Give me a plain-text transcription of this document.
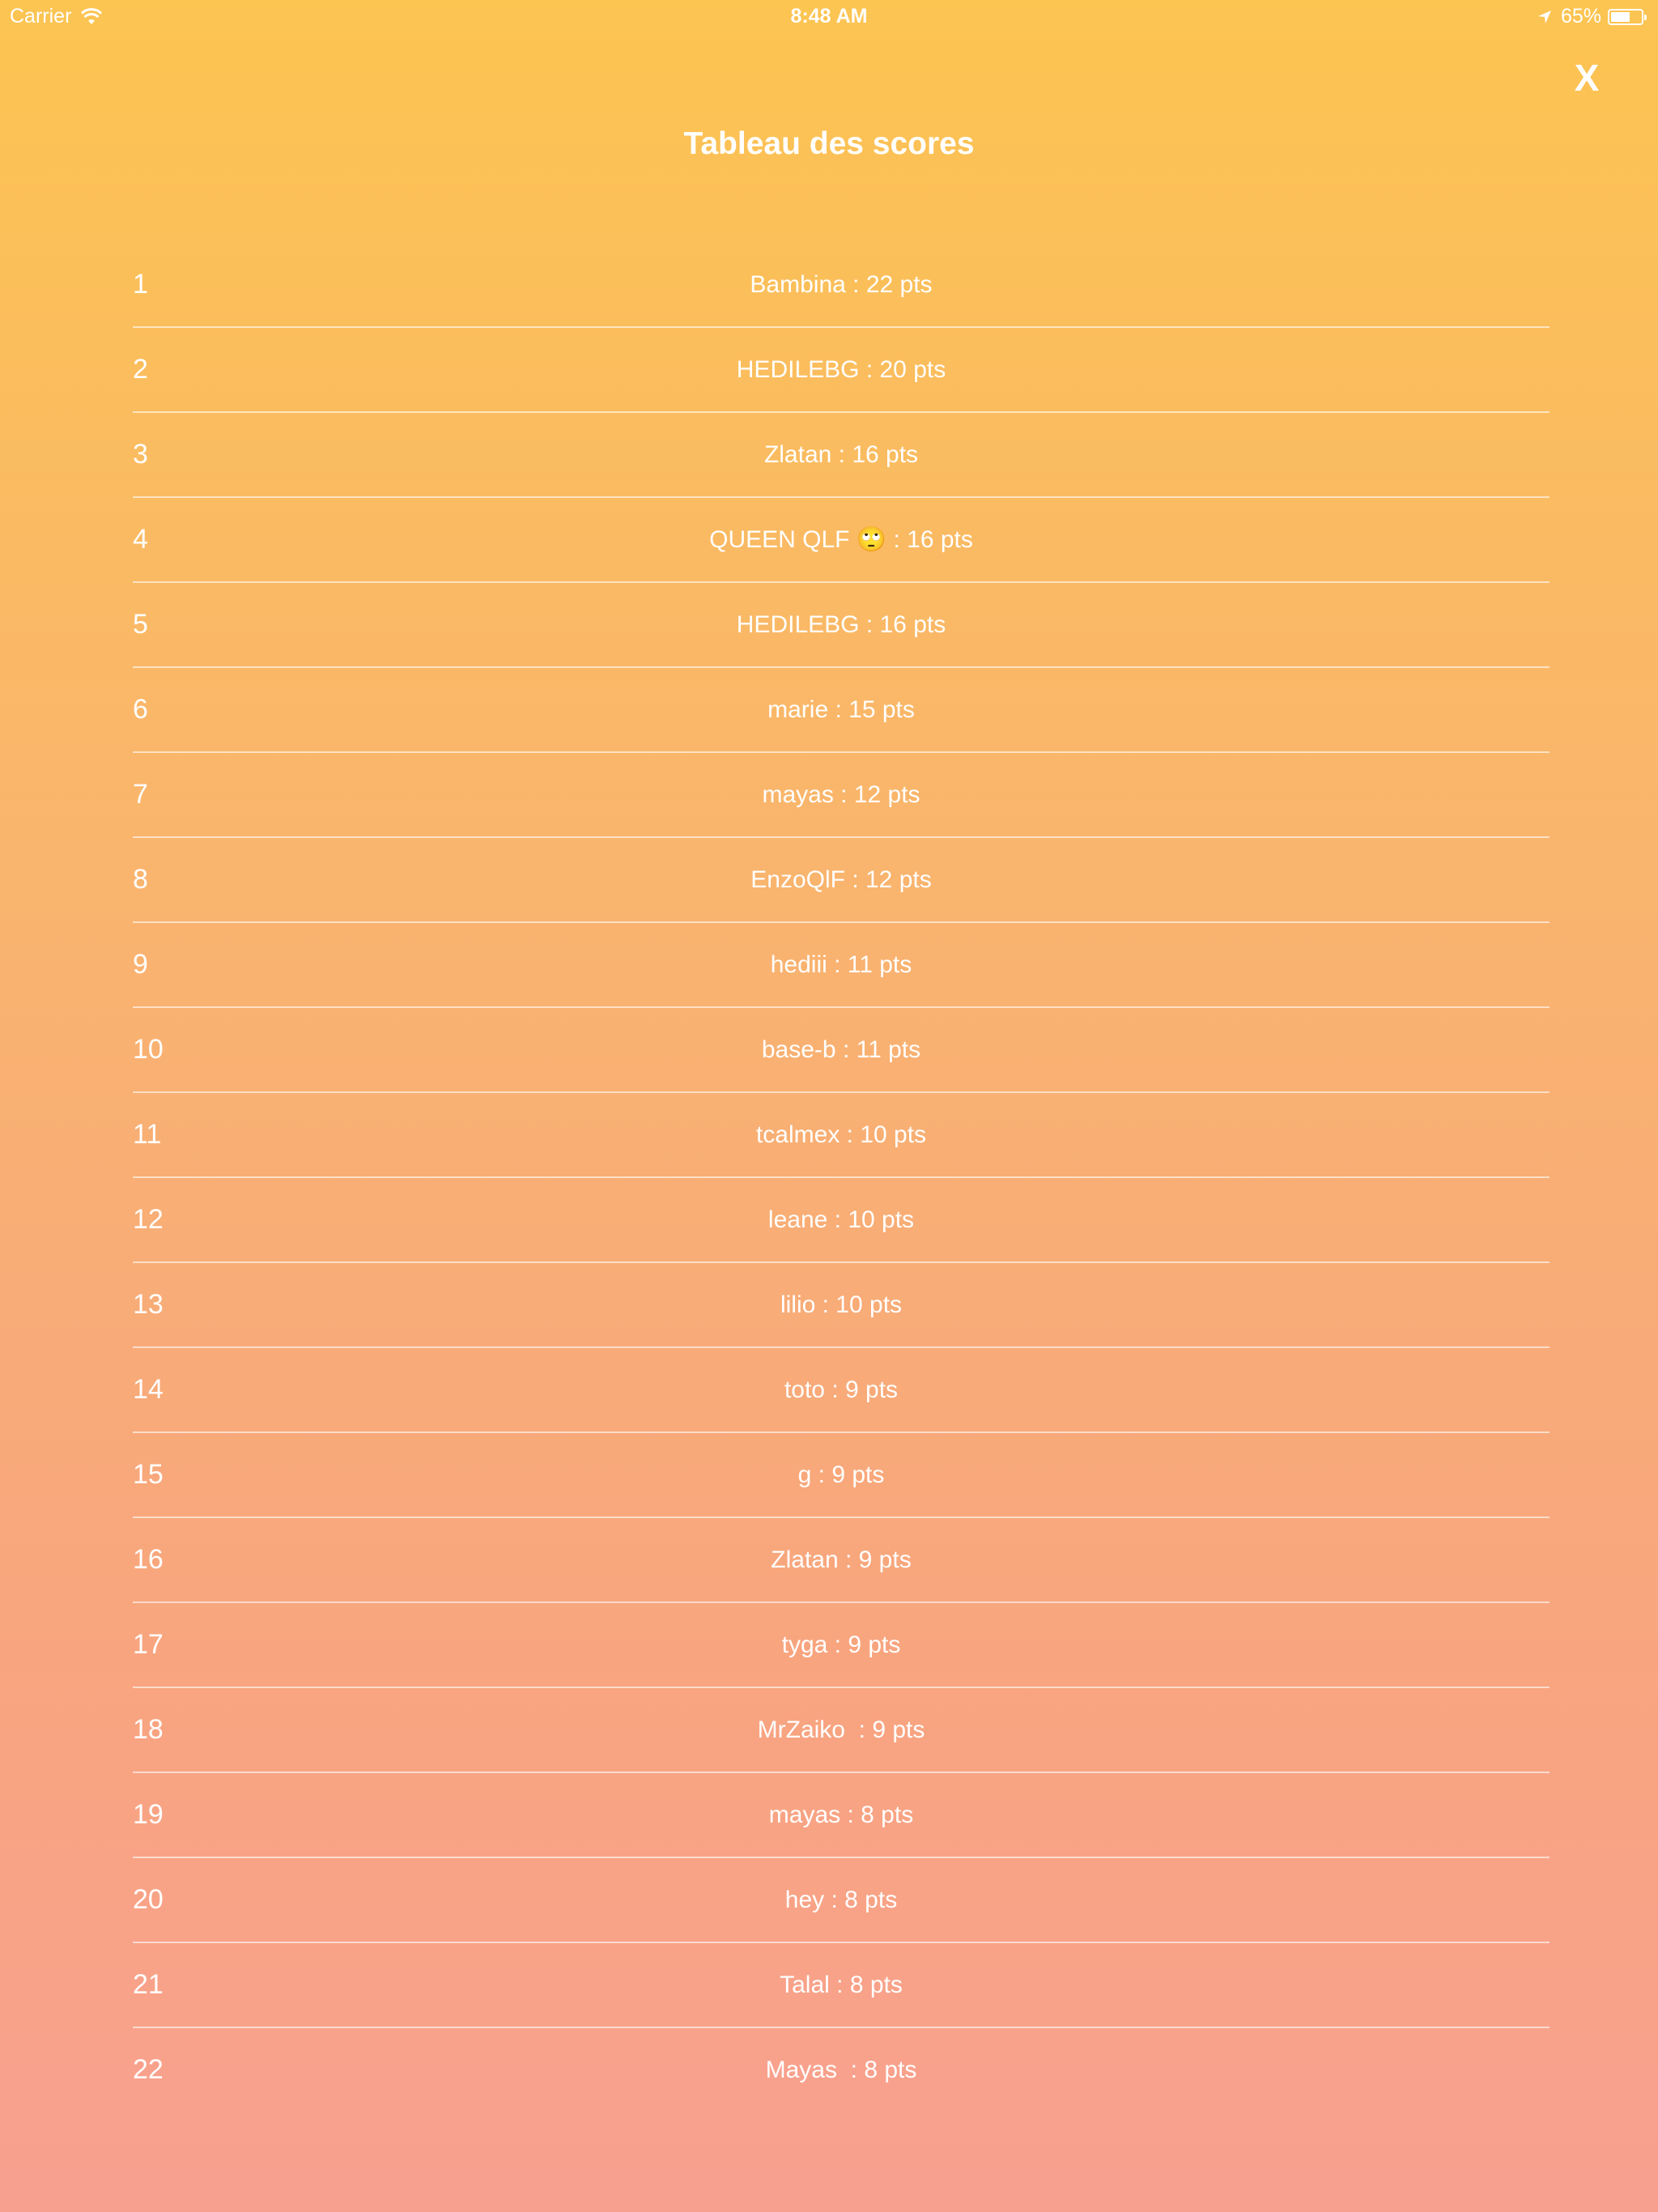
Carrier	8:48 AM	65%
X
Tableau des scores
1	Bambina : 22 pts
2	HEDILEBG : 20 pts
3	Zlatan : 16 pts
4	QUEEN QLF 🙄 : 16 pts
5	HEDILEBG : 16 pts
6	marie : 15 pts
7	mayas : 12 pts
8	EnzoQlF : 12 pts
9	hediii : 11 pts
10	base-b : 11 pts
11	tcalmex : 10 pts
12	leane : 10 pts
13	lilio : 10 pts
14	toto : 9 pts
15	g : 9 pts
16	Zlatan : 9 pts
17	tyga : 9 pts
18	MrZaiko  : 9 pts
19	mayas : 8 pts
20	hey : 8 pts
21	Talal : 8 pts
22	Mayas  : 8 pts
